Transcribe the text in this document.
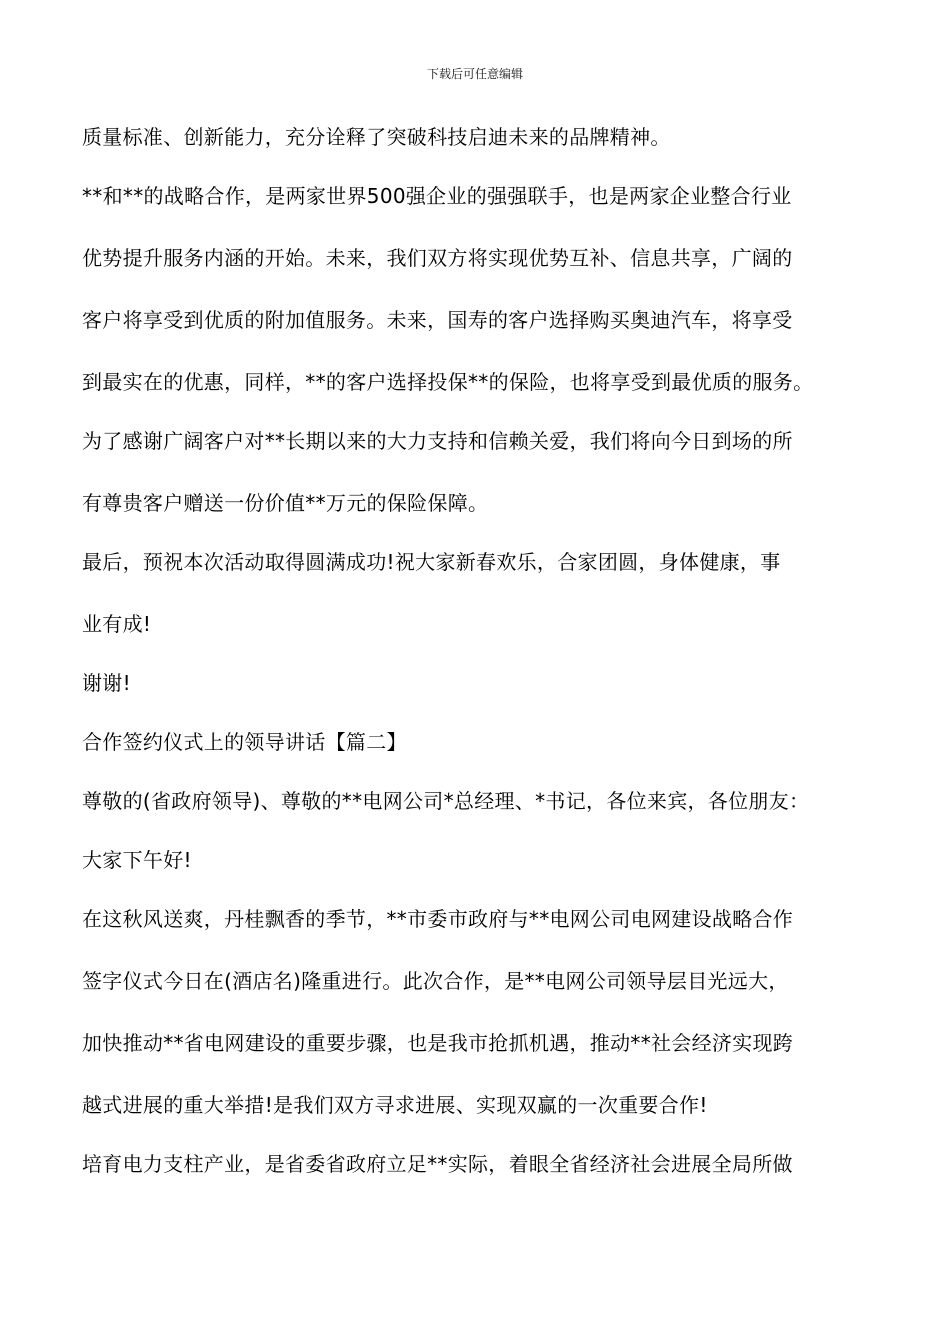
下载后可任意编辑
质量标准、创新能力，充分诠释了突破科技启迪未来的品牌精神。
**和**的战略合作，是两家世界500强企业的强强联手，也是两家企业整合行业
优势提升服务内涵的开始。未来，我们双方将实现优势互补、信息共享，广阔的
客户将享受到优质的附加值服务。未来，国寿的客户选择购买奥迪汽车，将享受
到最实在的优惠，同样，**的客户选择投保**的保险，也将享受到最优质的服务。
为了感谢广阔客户对**长期以来的大力支持和信赖关爱，我们将向今日到场的所
有尊贵客户赠送一份价值**万元的保险保障。
最后，预祝本次活动取得圆满成功!祝大家新春欢乐，合家团圆，身体健康，事
业有成!
谢谢!
合作签约仪式上的领导讲话【篇二】
尊敬的(省政府领导)、尊敬的**电网公司*总经理、*书记，各位来宾，各位朋友：
大家下午好!
在这秋风送爽，丹桂飘香的季节，**市委市政府与**电网公司电网建设战略合作
签字仪式今日在(酒店名)隆重进行。此次合作，是**电网公司领导层目光远大，
加快推动**省电网建设的重要步骤，也是我市抢抓机遇，推动**社会经济实现跨
越式进展的重大举措!是我们双方寻求进展、实现双赢的一次重要合作!
培育电力支柱产业，是省委省政府立足**实际，着眼全省经济社会进展全局所做
